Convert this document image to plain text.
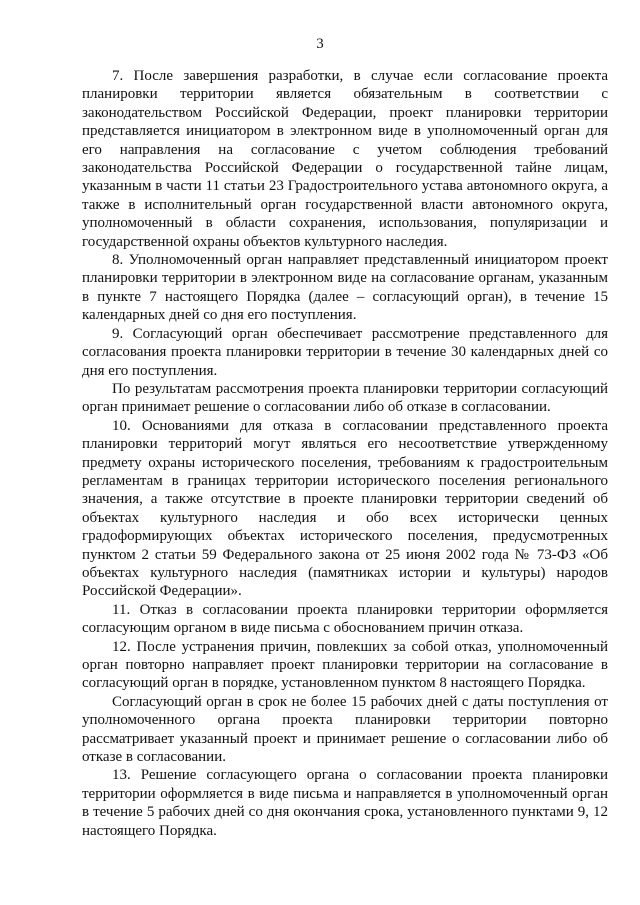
3

7. После завершения разработки, в случае если согласование проекта планировки территории является обязательным в соответствии с законодательством Российской Федерации, проект планировки территории представляется инициатором в электронном виде в уполномоченный орган для его направления на согласование с учетом соблюдения требований законодательства Российской Федерации о государственной тайне лицам, указанным в части 11 статьи 23 Градостроительного устава автономного округа, а также в исполнительный орган государственной власти автономного округа, уполномоченный в области сохранения, использования, популяризации и государственной охраны объектов культурного наследия.

8. Уполномоченный орган направляет представленный инициатором проект планировки территории в электронном виде на согласование органам, указанным в пункте 7 настоящего Порядка (далее – согласующий орган), в течение 15 календарных дней со дня его поступления.

9. Согласующий орган обеспечивает рассмотрение представленного для согласования проекта планировки территории в течение 30 календарных дней со дня его поступления.

По результатам рассмотрения проекта планировки территории согласующий орган принимает решение о согласовании либо об отказе в согласовании.

10. Основаниями для отказа в согласовании представленного проекта планировки территорий могут являться его несоответствие утвержденному предмету охраны исторического поселения, требованиям к градостроительным регламентам в границах территории исторического поселения регионального значения, а также отсутствие в проекте планировки территории сведений об объектах культурного наследия и обо всех исторически ценных градоформирующих объектах исторического поселения, предусмотренных пунктом 2 статьи 59 Федерального закона от 25 июня 2002 года № 73-ФЗ «Об объектах культурного наследия (памятниках истории и культуры) народов Российской Федерации».

11. Отказ в согласовании проекта планировки территории оформляется согласующим органом в виде письма с обоснованием причин отказа.

12. После устранения причин, повлекших за собой отказ, уполномоченный орган повторно направляет проект планировки территории на согласование в согласующий орган в порядке, установленном пунктом 8 настоящего Порядка.

Согласующий орган в срок не более 15 рабочих дней с даты поступления от уполномоченного органа проекта планировки территории повторно рассматривает указанный проект и принимает решение о согласовании либо об отказе в согласовании.

13. Решение согласующего органа о согласовании проекта планировки территории оформляется в виде письма и направляется в уполномоченный орган в течение 5 рабочих дней со дня окончания срока, установленного пунктами 9, 12 настоящего Порядка.
